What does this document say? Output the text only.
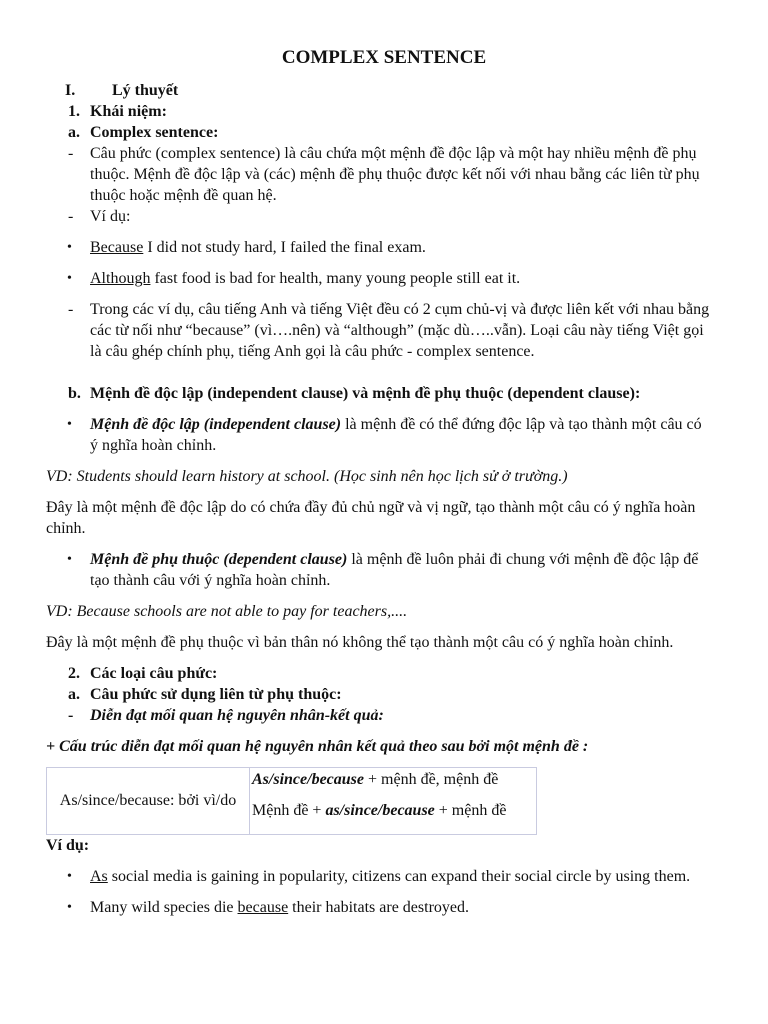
COMPLEX SENTENCE
I. Lý thuyết
1. Khái niệm:
a. Complex sentence:
- Câu phức (complex sentence) là câu chứa một mệnh đề độc lập và một hay nhiều mệnh đề phụ
thuộc. Mệnh đề độc lập và (các) mệnh đề phụ thuộc được kết nối với nhau bằng các liên từ phụ
thuộc hoặc mệnh đề quan hệ.
- Ví dụ:
• Because I did not study hard, I failed the final exam.
• Although fast food is bad for health, many young people still eat it.
- Trong các ví dụ, câu tiếng Anh và tiếng Việt đều có 2 cụm chủ-vị và được liên kết với nhau bằng
các từ nối như “because” (vì….nên) và “although” (mặc dù…..vẫn). Loại câu này tiếng Việt gọi
là câu ghép chính phụ, tiếng Anh gọi là câu phức - complex sentence.
b. Mệnh đề độc lập (independent clause) và mệnh đề phụ thuộc (dependent clause):
• Mệnh đề độc lập (independent clause) là mệnh đề có thể đứng độc lập và tạo thành một câu có
ý nghĩa hoàn chỉnh.
VD: Students should learn history at school. (Học sinh nên học lịch sử ở trường.)
Đây là một mệnh đề độc lập do có chứa đầy đủ chủ ngữ và vị ngữ, tạo thành một câu có ý nghĩa hoàn
chỉnh.
• Mệnh đề phụ thuộc (dependent clause) là mệnh đề luôn phải đi chung với mệnh đề độc lập để
tạo thành câu với ý nghĩa hoàn chỉnh.
VD: Because schools are not able to pay for teachers,....
Đây là một mệnh đề phụ thuộc vì bản thân nó không thể tạo thành một câu có ý nghĩa hoàn chỉnh.
2. Các loại câu phức:
a. Câu phức sử dụng liên từ phụ thuộc:
- Diễn đạt mối quan hệ nguyên nhân-kết quả:
+ Cấu trúc diễn đạt mối quan hệ nguyên nhân kết quả theo sau bởi một mệnh đề :
As/since/because: bởi vì/do	
As/since/because + mệnh đề, mệnh đề
Mệnh đề + as/since/because + mệnh đề
Ví dụ:
• As social media is gaining in popularity, citizens can expand their social circle by using them.
• Many wild species die because their habitats are destroyed.
